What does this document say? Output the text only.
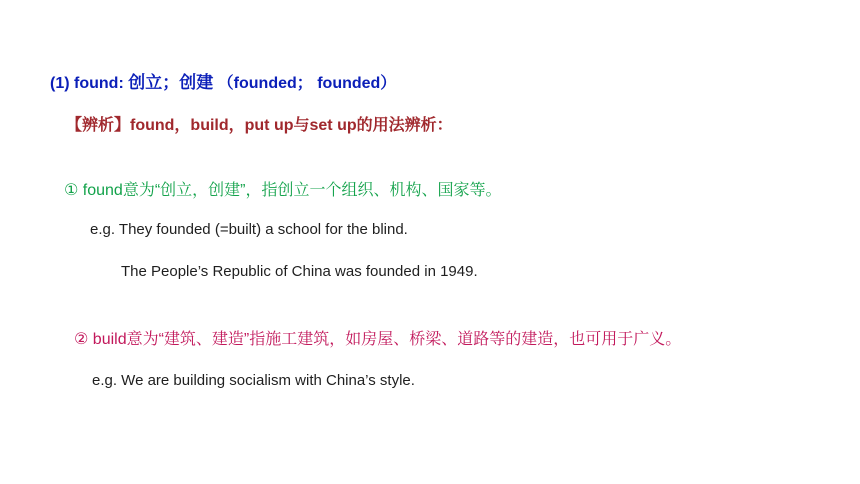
(1) found: 创立；创建 （founded； founded）
【辨析】found，build，put up与set up的用法辨析：
① found意为“创立，创建”，指创立一个组织、机构、国家等。
e.g. They founded (=built) a school for the blind.
The People’s Republic of China was founded in 1949.
② build意为“建筑、建造”指施工建筑，如房屋、桥梁、道路等的建造，也可用于广义。
e.g. We are building socialism with China’s style.
